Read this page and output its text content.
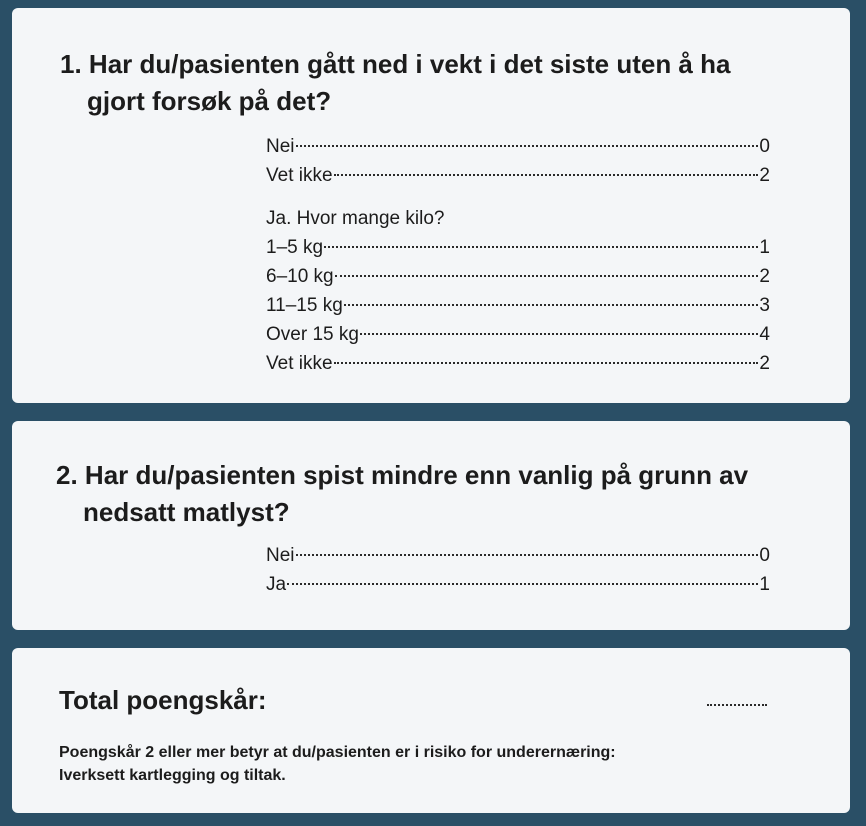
1. Har du/pasienten gått ned i vekt i det siste uten å ha
gjort forsøk på det?
Nei	0
Vet ikke	2
Ja. Hvor mange kilo?
1–5 kg	1
6–10 kg	2
11–15 kg	3
Over 15 kg	4
Vet ikke	2
2. Har du/pasienten spist mindre enn vanlig på grunn av
nedsatt matlyst?
Nei	0
Ja	1
Total poengskår:

Poengskår 2 eller mer betyr at du/pasienten er i risiko for underernæring:
Iverksett kartlegging og tiltak.
